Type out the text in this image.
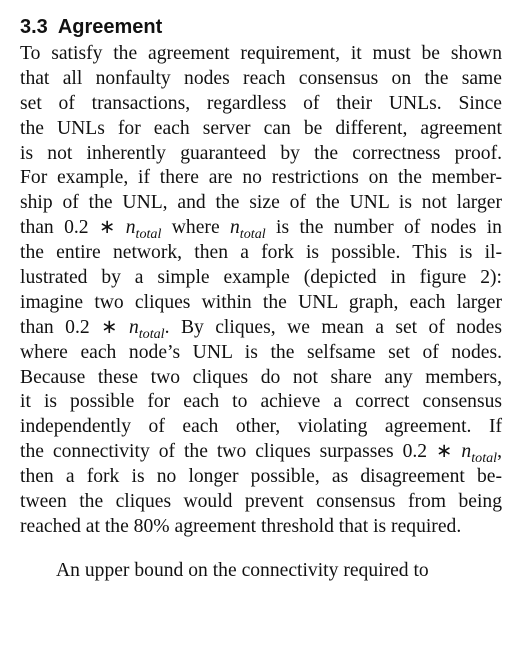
3.3 Agreement
To satisfy the agreement requirement, it must be shown
that all nonfaulty nodes reach consensus on the same
set of transactions, regardless of their UNLs. Since
the UNLs for each server can be different, agreement
is not inherently guaranteed by the correctness proof.
For example, if there are no restrictions on the member-
ship of the UNL, and the size of the UNL is not larger
than 0.2 ∗ $n_{total}$ where $n_{total}$ is the number of nodes in
the entire network, then a fork is possible. This is il-
lustrated by a simple example (depicted in figure 2):
imagine two cliques within the UNL graph, each larger
than 0.2 ∗ $n_{total}$. By cliques, we mean a set of nodes
where each node’s UNL is the selfsame set of nodes.
Because these two cliques do not share any members,
it is possible for each to achieve a correct consensus
independently of each other, violating agreement. If
the connectivity of the two cliques surpasses 0.2 ∗ $n_{total}$,
then a fork is no longer possible, as disagreement be-
tween the cliques would prevent consensus from being
reached at the 80% agreement threshold that is required.
An upper bound on the connectivity required to
